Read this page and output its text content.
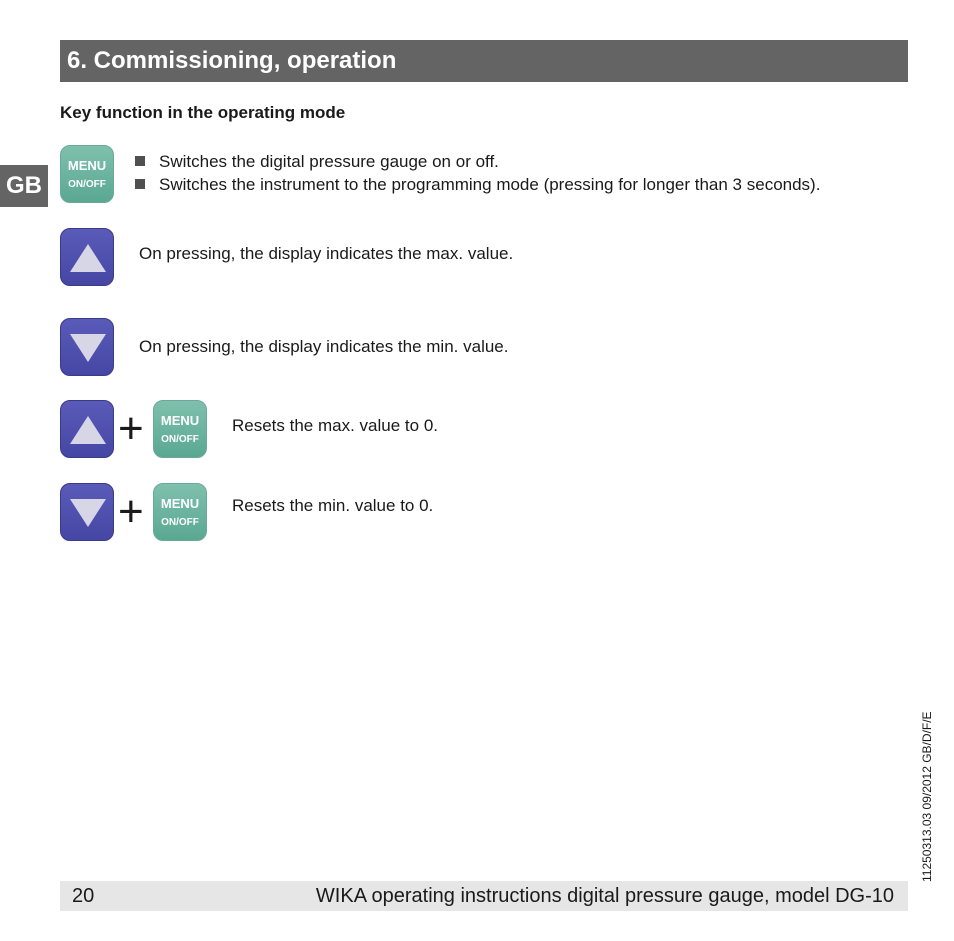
6. Commissioning, operation
GB
Key function in the operating mode
MENU
ON/OFF
Switches the digital pressure gauge on or off.
Switches the instrument to the programming mode (pressing for longer than 3 seconds).
On pressing, the display indicates the max. value.
On pressing, the display indicates the min. value.
+	MENU
ON/OFF
Resets the max. value to 0.
+	MENU
ON/OFF
Resets the min. value to 0.
11250313.03 09/2012 GB/D/F/E
20	WIKA operating instructions digital pressure gauge, model DG-10
